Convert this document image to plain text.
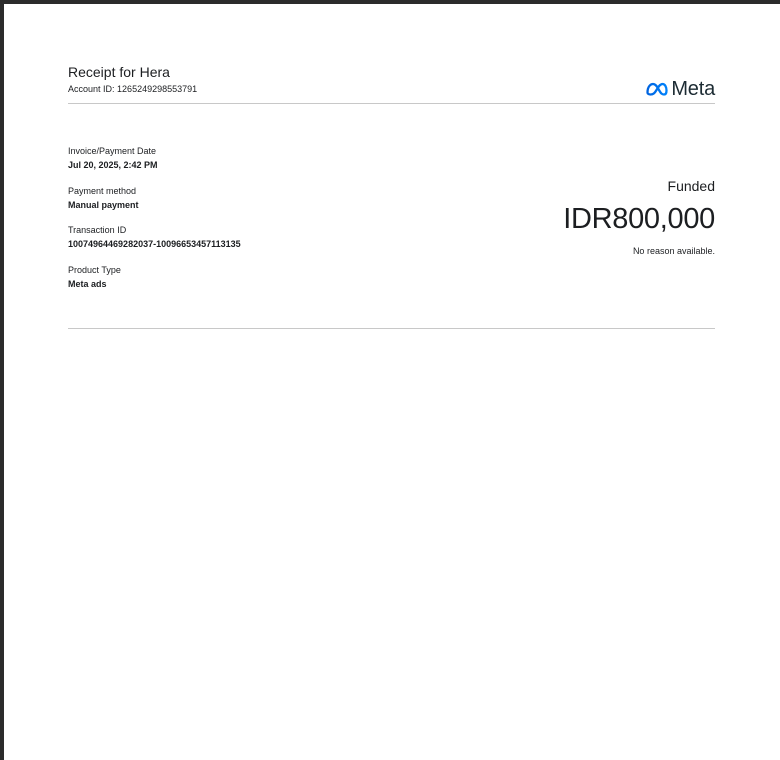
Receipt for Hera
Account ID: 1265249298553791	Meta
Invoice/Payment Date
Jul 20, 2025, 2:42 PM
Payment method
Manual payment
Transaction ID
10074964469282037-10096653457113135
Product Type
Meta ads
Funded
IDR800,000
No reason available.
